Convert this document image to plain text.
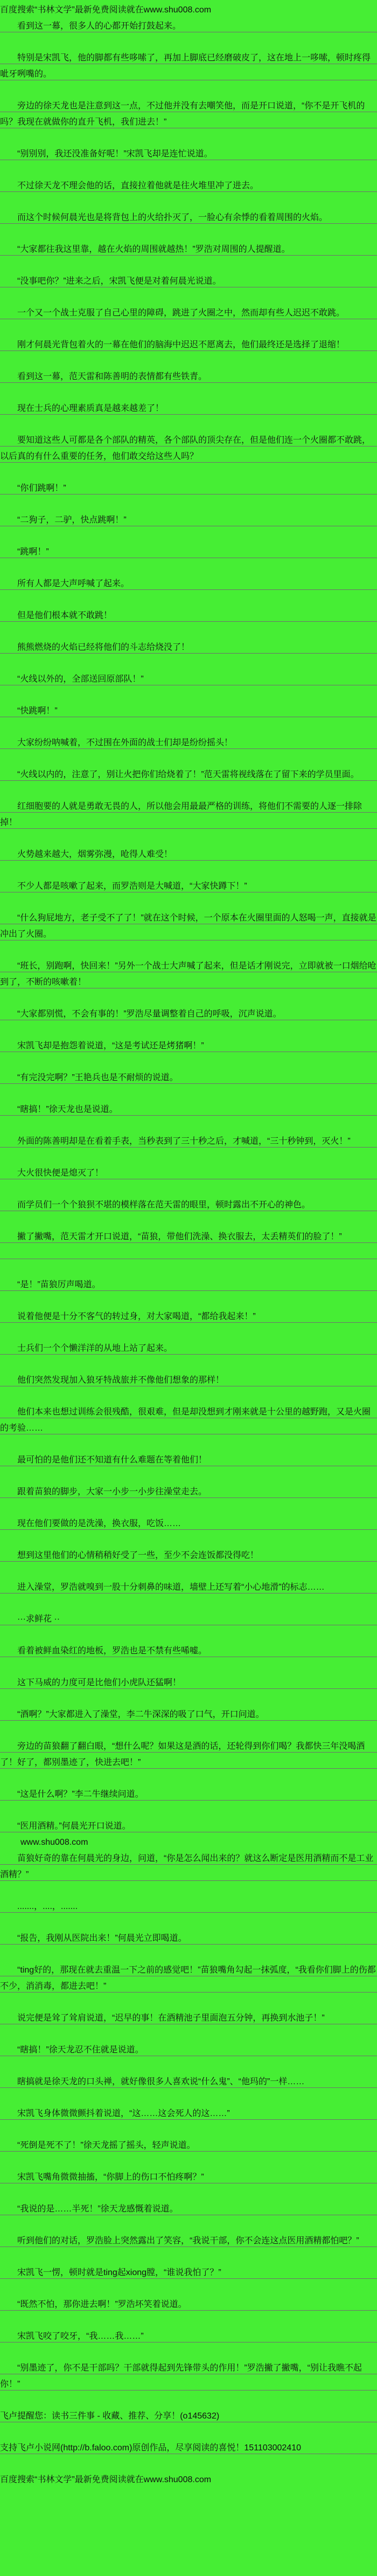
百度搜索“书林文学”最新免费阅读就在www.shu008.com

看到这一幕，很多人的心都开始打鼓起来。

特别是宋凯飞，他的脚都有些哆嗦了，再加上脚底已经磨破皮了，这在地上一哆嗦，顿时疼得呲牙咧嘴的。

旁边的徐天龙也是注意到这一点，不过他并没有去嘲笑他，而是开口说道，“你不是开飞机的吗？我现在就做你的直升飞机，我们进去！”

“别别别，我还没准备好呢！”宋凯飞却是连忙说道。

不过徐天龙不理会他的话，直接拉着他就是往火堆里冲了进去。

而这个时候何晨光也是将背包上的火给扑灭了，一脸心有余悸的看着周围的火焰。

“大家都往我这里靠，越在火焰的周围就越热！”罗浩对周围的人提醒道。

“没事吧你？”进来之后，宋凯飞便是对着何晨光说道。

一个又一个战士克服了自己心里的障碍，跳进了火圈之中，然而却有些人迟迟不敢跳。

刚才何晨光背包着火的一幕在他们的脑海中迟迟不愿离去，他们最终还是选择了退缩！

看到这一幕，范天雷和陈善明的表情都有些铁青。

现在士兵的心理素质真是越来越差了！

要知道这些人可都是各个部队的精英，各个部队的顶尖存在，但是他们连一个火圈都不敢跳，以后真的有什么重要的任务，他们敢交给这些人吗？

“你们跳啊！”

“二狗子，二驴，快点跳啊！”

“跳啊！”

所有人都是大声呼喊了起来。

但是他们根本就不敢跳！

熊熊燃烧的火焰已经将他们的斗志给烧没了！

“火线以外的，全部送回原部队！”

“快跳啊！”

大家纷纷呐喊着，不过围在外面的战士们却是纷纷摇头！

“火线以内的，注意了，别让火把你们给烧着了！”范天雷将视线落在了留下来的学员里面。

红细胞要的人就是勇敢无畏的人，所以他会用最最严格的训练，将他们不需要的人逐一排除掉！

火势越来越大，烟雾弥漫，呛得人难受！

不少人都是咳嗽了起来，而罗浩则是大喊道，“大家快蹲下！”

“什么狗屁地方，老子受不了了！”就在这个时候，一个原本在火圈里面的人怒喝一声，直接就是冲出了火圈。

“班长，别跑啊，快回来！”另外一个战士大声喊了起来，但是话才刚说完，立即就被一口烟给呛到了，不断的咳嗽着！

“大家都别慌，不会有事的！”罗浩尽量调整着自己的呼吸，沉声说道。

宋凯飞却是抱怨着说道，“这是考试还是烤猪啊！”

“有完没完啊？”王艳兵也是不耐烦的说道。

“瞎搞！”徐天龙也是说道。

外面的陈善明却是在看着手表，当秒表到了三十秒之后，才喊道，“三十秒钟到，灭火！”

大火很快便是熄灭了！

而学员们一个个狼狈不堪的模样落在范天雷的眼里，顿时露出不开心的神色。

撇了撇嘴，范天雷才开口说道，“苗狼，带他们洗澡、换衣服去，太丢精英们的脸了！”

“是！”苗狼厉声喝道。

说着他便是十分不客气的转过身，对大家喝道，“都给我起来！”

士兵们一个个懒洋洋的从地上站了起来。

他们突然发现加入狼牙特战旅并不像他们想象的那样！

他们本来也想过训练会很残酷，很艰难，但是却没想到才刚来就是十公里的越野跑，又是火圈的考验……

最可怕的是他们还不知道有什么难题在等着他们！

跟着苗狼的脚步，大家一小步一小步往澡堂走去。

现在他们要做的是洗澡，换衣服，吃饭……

想到这里他们的心情稍稍好受了一些，至少不会连饭都没得吃！

进入澡堂，罗浩就嗅到一股十分刺鼻的味道，墙壁上还写着“小心地滑”的标志……

···求鲜花 ··

看着被鲜血染红的地板，罗浩也是不禁有些唏嘘。

这下马威的力度可是比他们小虎队还猛啊！

“酒啊？”大家都进入了澡堂，李二牛深深的吸了口气，开口问道。

旁边的苗狼翻了翻白眼，“想什么呢？如果这是酒的话，还轮得到你们喝？我都快三年没喝酒了！好了，都别墨迹了，快进去吧！”

“这是什么啊？”李二牛继续问道。

“医用酒精。”何晨光开口说道。

www.shu008.com

苗狼好奇的靠在何晨光的身边，问道，“你是怎么闻出来的？就这么断定是医用酒精而不是工业酒精？”

.......，....，.......

“报告，我刚从医院出来！”何晨光立即喝道。

“ting好的，那现在就去重温一下之前的感觉吧！”苗狼嘴角勾起一抹弧度，“我看你们脚上的伤都不少，消消毒，都进去吧！”

说完便是耸了耸肩说道，“迟早的事！在酒精池子里面泡五分钟，再换到水池子！”

“瞎搞！”徐天龙忍不住就是说道。

瞎搞就是徐天龙的口头禅，就好像很多人喜欢说“什么鬼”、“他玛的”一样……

宋凯飞身体微微颤抖着说道，“这……这会死人的这……”

“死倒是死不了！”徐天龙摇了摇头，轻声说道。

宋凯飞嘴角微微抽搐，“你脚上的伤口不怕疼啊？”

“我说的是……半死！”徐天龙感慨着说道。

听到他们的对话，罗浩脸上突然露出了笑容，“我说干部，你不会连这点医用酒精都怕吧？”

宋凯飞一愣，顿时就是ting起xiong膛，“谁说我怕了？”

“既然不怕，那你进去啊！”罗浩坏笑着说道。

宋凯飞咬了咬牙，“我……我……”

“别墨迹了，你不是干部吗？干部就得起到先锋带头的作用！”罗浩撇了撇嘴，“别让我瞧不起你！”

飞卢提醒您：读书三件事 - 收藏、推荐、分享！(o145632)

支持飞卢小说网(http://b.faloo.com)原创作品，尽享阅读的喜悦！151103002410

百度搜索“书林文学”最新免费阅读就在www.shu008.com
